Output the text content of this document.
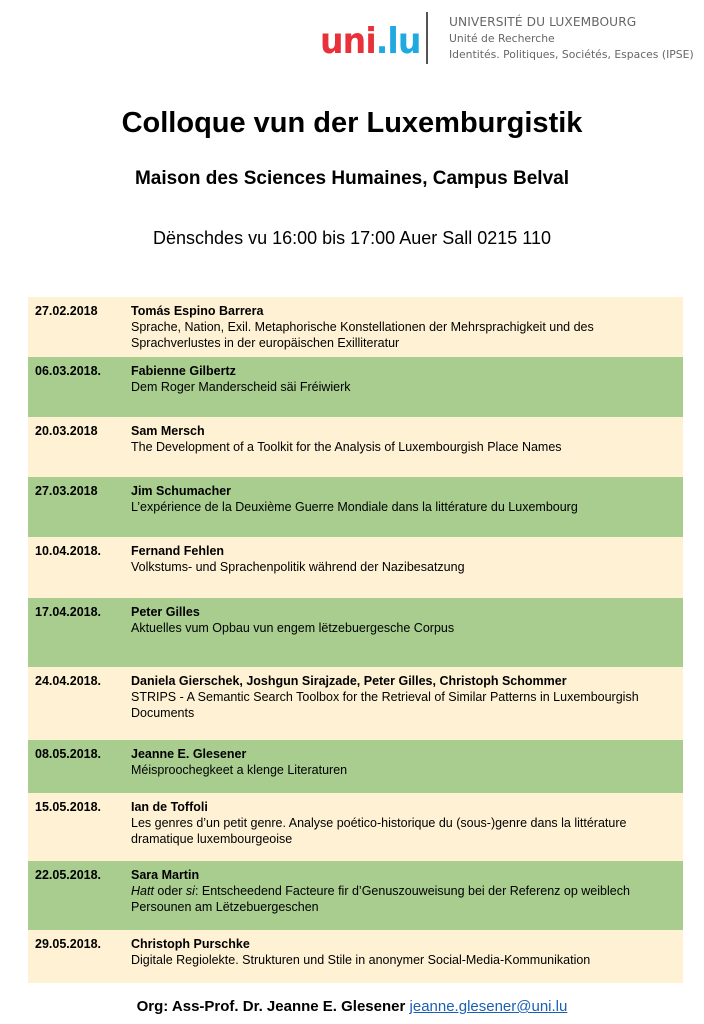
uni.lu UNIVERSITÉ DU LUXEMBOURG
Unité de Recherche
Identités. Politiques, Sociétés, Espaces (IPSE)
Colloque vun der Luxemburgistik
Maison des Sciences Humaines, Campus Belval
Dënschdes vu 16:00 bis 17:00 Auer Sall 0215 110
27.02.2018	Tomás Espino Barrera
Sprache, Nation, Exil. Metaphorische Konstellationen der Mehrsprachigkeit und des Sprachverlustes in der europäischen Exilliteratur
06.03.2018. Fabienne Gilbertz
Dem Roger Manderscheid säi Fréiwierk
20.03.2018	Sam Mersch
The Development of a Toolkit for the Analysis of Luxembourgish Place Names
27.03.2018	Jim Schumacher
L’expérience de la Deuxième Guerre Mondiale dans la littérature du Luxembourg
10.04.2018. Fernand Fehlen
Volkstums- und Sprachenpolitik während der Nazibesatzung
17.04.2018. Peter Gilles
Aktuelles vum Opbau vun engem lëtzebuergesche Corpus
24.04.2018. Daniela Gierschek, Joshgun Sirajzade, Peter Gilles, Christoph Schommer
STRIPS - A Semantic Search Toolbox for the Retrieval of Similar Patterns in Luxembourgish Documents
08.05.2018. Jeanne E. Glesener
Méisproochegkeet a klenge Literaturen
15.05.2018. Ian de Toffoli
Les genres d’un petit genre. Analyse poético-historique du (sous-)genre dans la littérature dramatique luxembourgeoise
22.05.2018. Sara Martin
Hatt oder si: Entscheedend Facteure fir d’Genuszouweisung bei der Referenz op weiblech Persounen am Lëtzebuergeschen
29.05.2018. Christoph Purschke
Digitale Regiolekte. Strukturen und Stile in anonymer Social-Media-Kommunikation
Org: Ass-Prof. Dr. Jeanne E. Glesener jeanne.glesener@uni.lu
